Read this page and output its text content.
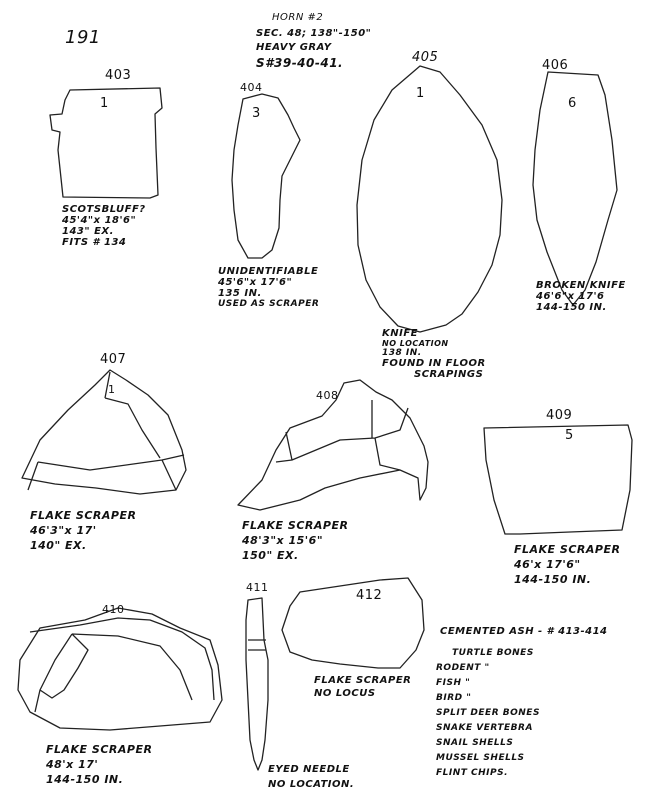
191
HORN #2
SEC. 48; 138"-150"
HEAVY GRAY
S#39-40-41.
403
1
404
3
405
1
406
6
407
1	408
409
5
410
411
412
SCOTSBLUFF?
45'4"x 18'6"
143" EX.
FITS # 134
UNIDENTIFIABLE
45'6"x 17'6"
135 IN.
USED AS SCRAPER
KNIFE
NO LOCATION
138 IN.
FOUND IN FLOOR
SCRAPINGS
BROKEN KNIFE
46'6"x 17'6
144-150 IN.
FLAKE SCRAPER
46'3"x 17'
140" EX.
FLAKE SCRAPER
48'3"x 15'6"
150" EX.	FLAKE SCRAPER
46'x 17'6"
144-150 IN.
FLAKE SCRAPER
48'x 17'
144-150 IN.
EYED NEEDLE
NO LOCATION.
FLAKE SCRAPER
NO LOCUS
CEMENTED ASH - # 413-414
TURTLE BONES
RODENT "
FISH "
BIRD "
SPLIT DEER BONES
SNAKE VERTEBRA
SNAIL SHELLS
MUSSEL SHELLS
FLINT CHIPS.
